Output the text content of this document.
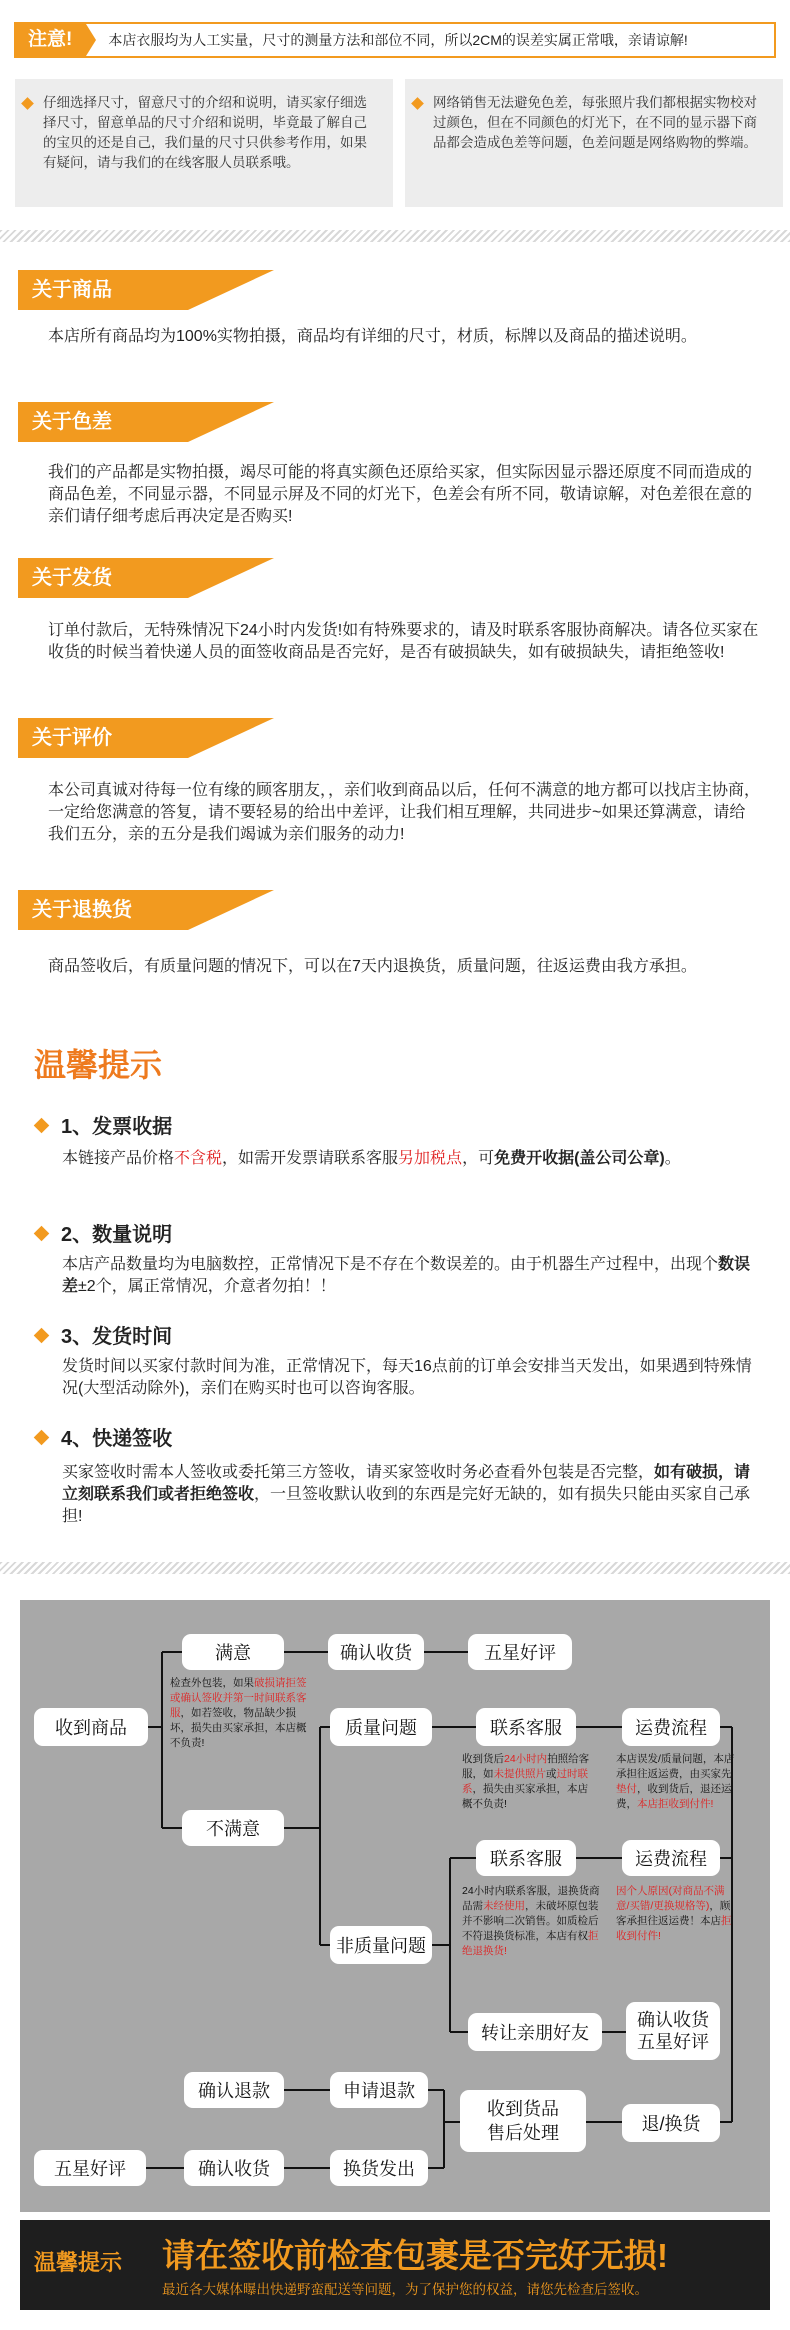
注意!	本店衣服均为人工实量，尺寸的测量方法和部位不同，所以2CM的误差实属正常哦，亲请谅解!

仔细选择尺寸，留意尺寸的介绍和说明，请买家仔细选择尺寸，留意单品的尺寸介绍和说明，毕竟最了解自己的宝贝的还是自己，我们量的尺寸只供参考作用，如果有疑问，请与我们的在线客服人员联系哦。

网络销售无法避免色差，每张照片我们都根据实物校对过颜色，但在不同颜色的灯光下，在不同的显示器下商品都会造成色差等问题，色差问题是网络购物的弊端。

关于商品
本店所有商品均为100%实物拍摄，商品均有详细的尺寸，材质，标牌以及商品的描述说明。
关于色差
我们的产品都是实物拍摄，竭尽可能的将真实颜色还原给买家，但实际因显示器还原度不同而造成的商品色差，不同显示器，不同显示屏及不同的灯光下，色差会有所不同，敬请谅解，对色差很在意的亲们请仔细考虑后再决定是否购买!
关于发货
订单付款后，无特殊情况下24小时内发货!如有特殊要求的，请及时联系客服协商解决。请各位买家在收货的时候当着快递人员的面签收商品是否完好，是否有破损缺失，如有破损缺失，请拒绝签收!
关于评价
本公司真诚对待每一位有缘的顾客朋友，，亲们收到商品以后，任何不满意的地方都可以找店主协商，一定给您满意的答复，请不要轻易的给出中差评，让我们相互理解，共同进步~如果还算满意，请给我们五分，亲的五分是我们竭诚为亲们服务的动力!
关于退换货
商品签收后，有质量问题的情况下，可以在7天内退换货，质量问题，往返运费由我方承担。
温馨提示
1、发票收据
本链接产品价格不含税，如需开发票请联系客服另加税点，可免费开收据(盖公司公章)。
2、数量说明
本店产品数量均为电脑数控，正常情况下是不存在个数误差的。由于机器生产过程中，出现个数误差±2个，属正常情况，介意者勿拍！！
3、发货时间
发货时间以买家付款时间为准，正常情况下，每天16点前的订单会安排当天发出，如果遇到特殊情况(大型活动除外)，亲们在购买时也可以咨询客服。
4、快递签收
买家签收时需本人签收或委托第三方签收，请买家签收时务必查看外包装是否完整，如有破损，请立刻联系我们或者拒绝签收，一旦签收默认收到的东西是完好无缺的，如有损失只能由买家自己承担!
收到商品
满意	确认收货	五星好评
检查外包装，如果破损请拒签或确认签收并第一时间联系客服，如若签收，物品缺少损坏，损失由买家承担，本店概不负责!
不满意
质量问题	联系客服	运费流程
收到货后24小时内拍照给客服，如未提供照片或过时联系，损失由买家承担，本店概不负责!
本店误发/质量问题，本店承担往返运费，由买家先垫付，收到货后，退还运费，本店拒收到付件!
联系客服	运费流程
非质量问题
24小时内联系客服，退换货商品需未经使用，未破坏原包装并不影响二次销售。如质检后不符退换货标准，本店有权拒绝退换货!
因个人原因(对商品不满意/买错/更换规格等)，顾客承担往返运费！本店拒收到付件!
转让亲朋好友
确认收货
五星好评
确认退款	申请退款
收到货品
售后处理	退/换货
五星好评	确认收货	换货发出
温馨提示 请在签收前检查包裹是否完好无损!
最近各大媒体曝出快递野蛮配送等问题，为了保护您的权益，请您先检查后签收。
